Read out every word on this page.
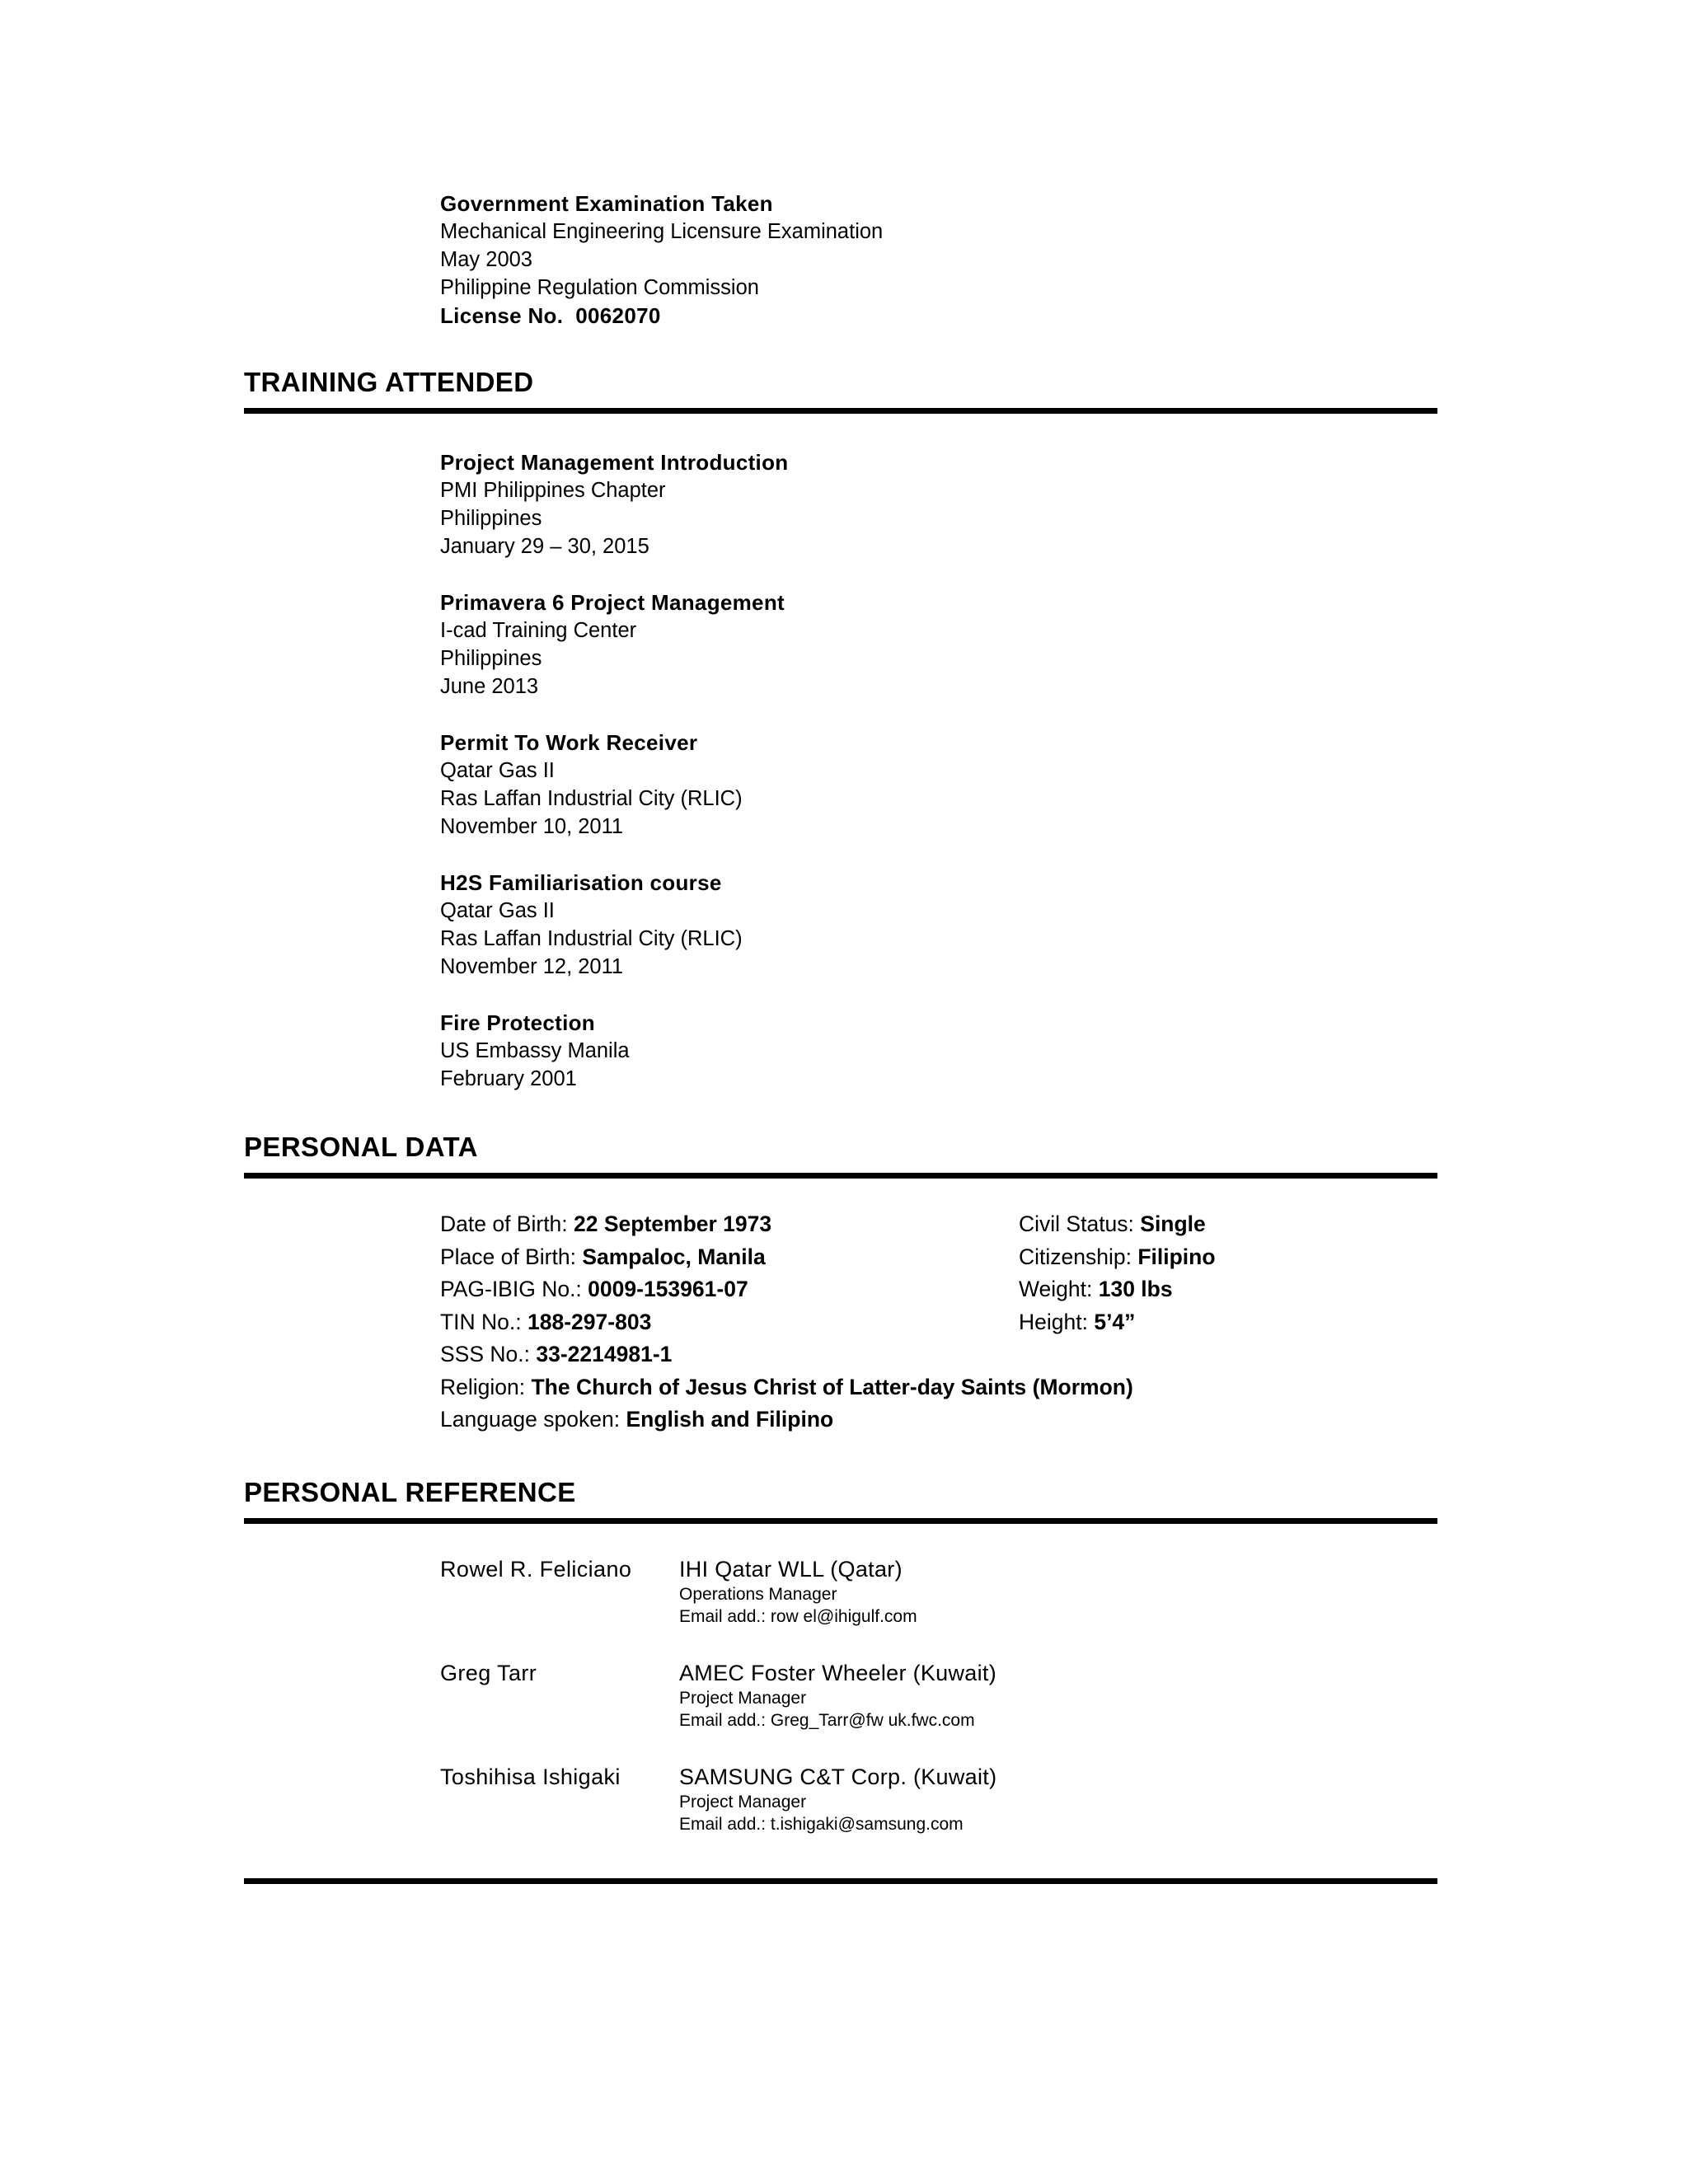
Government Examination Taken
Mechanical Engineering Licensure Examination
May 2003
Philippine Regulation Commission
License No.  0062070
TRAINING ATTENDED
Project Management Introduction
PMI Philippines Chapter
Philippines
January 29 – 30, 2015
Primavera 6 Project Management
I-cad Training Center
Philippines
June 2013
Permit To Work Receiver
Qatar Gas II
Ras Laffan Industrial City (RLIC)
November 10, 2011
H2S Familiarisation course
Qatar Gas II
Ras Laffan Industrial City (RLIC)
November 12, 2011
Fire Protection
US Embassy Manila
February 2001
PERSONAL DATA
Date of Birth: 22 September 1973	Civil Status: Single
Place of Birth: Sampaloc, Manila	Citizenship: Filipino
PAG-IBIG No.: 0009-153961-07	Weight: 130 lbs
TIN No.: 188-297-803	Height: 5’4”
SSS No.: 33-2214981-1
Religion: The Church of Jesus Christ of Latter-day Saints (Mormon)
Language spoken: English and Filipino
PERSONAL REFERENCE
Rowel R. Feliciano	IHI Qatar WLL (Qatar)
Operations Manager
Email add.: row el@ihigulf.com
Greg Tarr	AMEC Foster Wheeler (Kuwait)
Project Manager
Email add.: Greg_Tarr@fw uk.fwc.com
Toshihisa Ishigaki	SAMSUNG C&T Corp. (Kuwait)
Project Manager
Email add.: t.ishigaki@samsung.com
